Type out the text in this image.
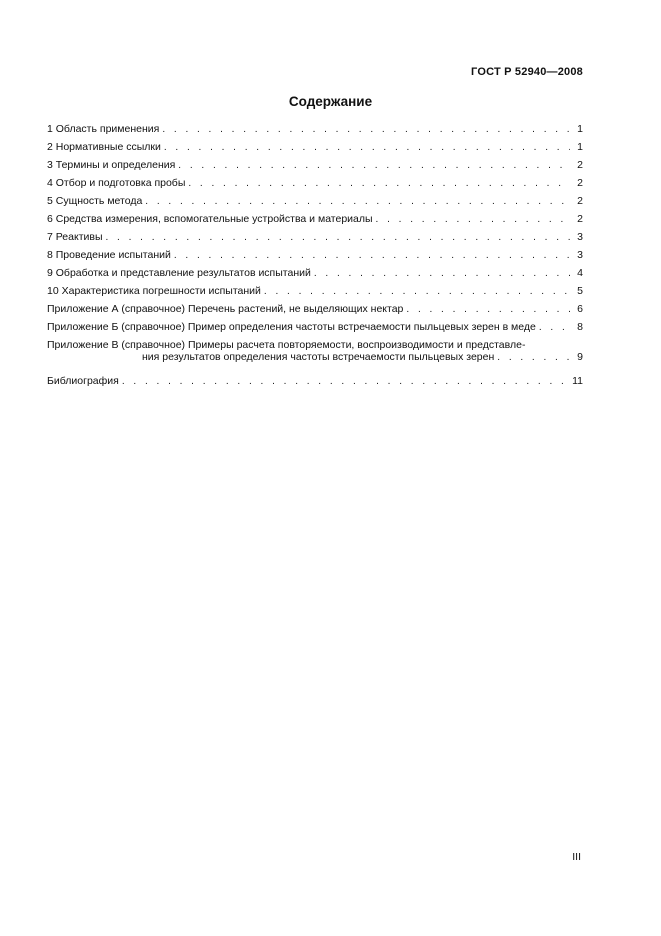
ГОСТ Р 52940—2008
Содержание
1 Область применения . . .	1
2 Нормативные ссылки . . .	1
3 Термины и определения . . .	2
4 Отбор и подготовка пробы . . .	2
5 Сущность метода . . .	2
6 Средства измерения, вспомогательные устройства и материалы . . .	2
7 Реактивы . . .	3
8 Проведение испытаний . . .	3
9 Обработка и представление результатов испытаний . . .	4
10 Характеристика погрешности испытаний . . .	5
Приложение А (справочное) Перечень растений, не выделяющих нектар . . .	6
Приложение Б (справочное) Пример определения частоты встречаемости пыльцевых зерен в меде . . .	8
Приложение В (справочное) Примеры расчета повторяемости, воспроизводимости и представле-
ния результатов определения частоты встречаемости пыльцевых зерен . . .	9
Библиография . . .	11
III
